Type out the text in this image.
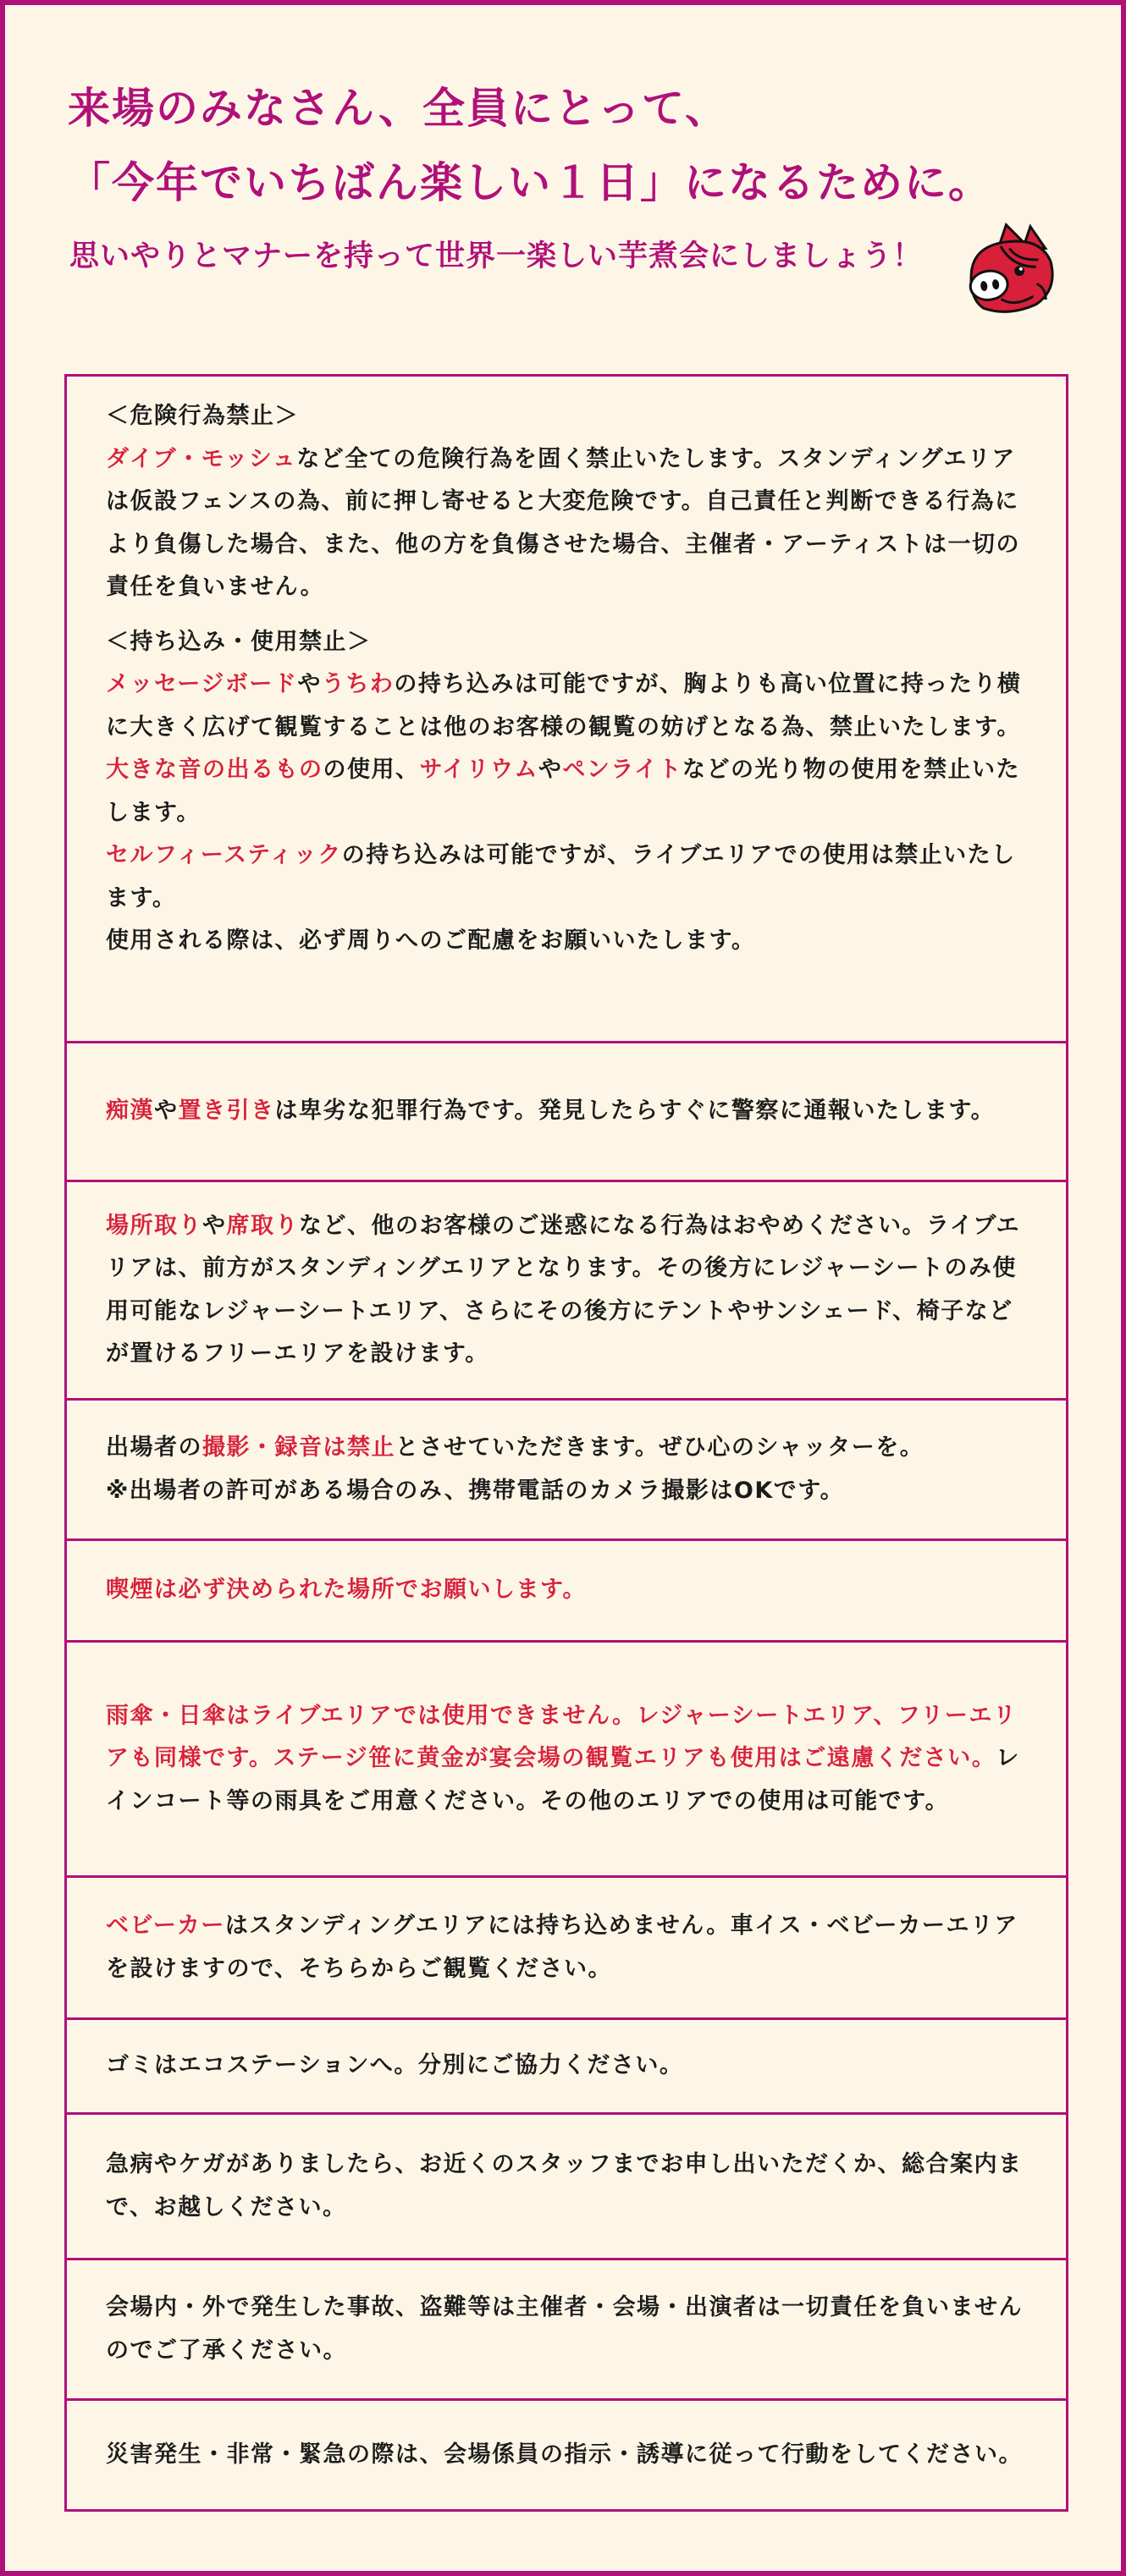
来場のみなさん、全員にとって、
「今年でいちばん楽しい１日」になるために。

思いやりとマナーを持って世界一楽しい芋煮会にしましょう！

＜危険行為禁止＞

ダイブ・モッシュなど全ての危険行為を固く禁止いたします。スタンディングエリアは仮設フェンスの為、前に押し寄せると大変危険です。自己責任と判断できる行為により負傷した場合、また、他の方を負傷させた場合、主催者・アーティストは一切の責任を負いません。

＜持ち込み・使用禁止＞

メッセージボードやうちわの持ち込みは可能ですが、胸よりも高い位置に持ったり横に大きく広げて観覧することは他のお客様の観覧の妨げとなる為、禁止いたします。

大きな音の出るものの使用、サイリウムやペンライトなどの光り物の使用を禁止いたします。

セルフィースティックの持ち込みは可能ですが、ライブエリアでの使用は禁止いたします。

使用される際は、必ず周りへのご配慮をお願いいたします。

痴漢や置き引きは卑劣な犯罪行為です。発見したらすぐに警察に通報いたします。

場所取りや席取りなど、他のお客様のご迷惑になる行為はおやめください。ライブエリアは、前方がスタンディングエリアとなります。その後方にレジャーシートのみ使用可能なレジャーシートエリア、さらにその後方にテントやサンシェード、椅子などが置けるフリーエリアを設けます。

出場者の撮影・録音は禁止とさせていただきます。ぜひ心のシャッターを。

※出場者の許可がある場合のみ、携帯電話のカメラ撮影はOKです。

喫煙は必ず決められた場所でお願いします。

雨傘・日傘はライブエリアでは使用できません。レジャーシートエリア、フリーエリアも同様です。ステージ笹に黄金が宴会場の観覧エリアも使用はご遠慮ください。レインコート等の雨具をご用意ください。その他のエリアでの使用は可能です。

ベビーカーはスタンディングエリアには持ち込めません。車イス・ベビーカーエリアを設けますので、そちらからご観覧ください。

ゴミはエコステーションへ。分別にご協力ください。

急病やケガがありましたら、お近くのスタッフまでお申し出いただくか、総合案内まで、お越しください。

会場内・外で発生した事故、盗難等は主催者・会場・出演者は一切責任を負いませんのでご了承ください。

災害発生・非常・緊急の際は、会場係員の指示・誘導に従って行動をしてください。
